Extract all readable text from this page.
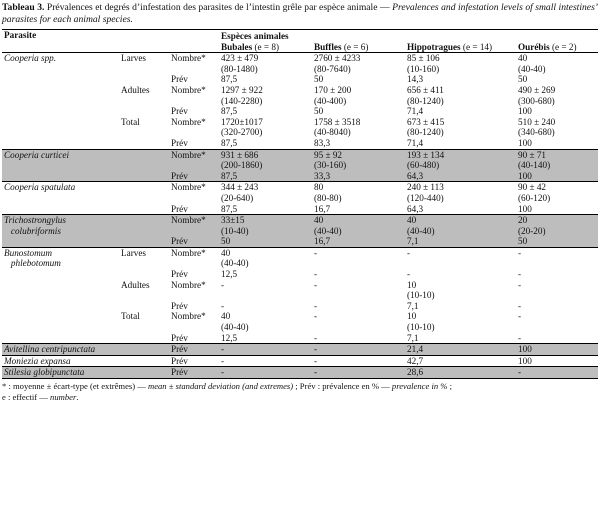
Tableau 3. Prévalences et degrés d’infestation des parasites de l’intestin grêle par espèce animale — Prevalences and infestation levels of small intestines’ parasites for each animal species.

Parasite			Espèces animales			
			Bubales (e = 8)	Buffles (e = 6)	Hippotragues (e = 14)	Ourébis (e = 2)
Cooperia spp.	Larves	Nombre*	423 ± 479	2760 ± 4233	85 ± 106	40
			(80-1480)	(80-7640)	(10-160)	(40-40)
		Prév	87,5	50	14,3	50
	Adultes	Nombre*	1297 ± 922	170 ± 200	656 ± 411	490 ± 269
			(140-2280)	(40-400)	(80-1240)	(300-680)
		Prév	87,5	50	71,4	100
	Total	Nombre*	1720±1017	1758 ± 3518	673 ± 415	510 ± 240
			(320-2700)	(40-8040)	(80-1240)	(340-680)
		Prév	87,5	83,3	71,4	100
Cooperia curticei		Nombre*	931 ± 686	95 ± 92	193 ± 134	90 ± 71
			(200-1860)	(30-160)	(60-480)	(40-140)
		Prév	87,5	33,3	64,3	100
Cooperia spatulata		Nombre*	344 ± 243	80	240 ± 113	90 ± 42
			(20-640)	(80-80)	(120-440)	(60-120)
		Prév	87,5	16,7	64,3	100
Trichostrongylus		Nombre*	33±15	40	40	20
colubriformis			(10-40)	(40-40)	(40-40)	(20-20)
		Prév	50	16,7	7,1	50
Bunostomum	Larves	Nombre*	40	-	-	-
phlebotomum			(40-40)			
		Prév	12,5	-	-	-
	Adultes	Nombre*	-	-	10	-
					(10-10)	
		Prév	-	-	7,1	-
	Total	Nombre*	40	-	10	-
			(40-40)		(10-10)	
		Prév	12,5	-	7,1	-
Avitellina centripunctata		Prév	-	-	21,4	100
Moniezia expansa		Prév	-	-	42,7	100
Stilesia globipunctata		Prév	-	-	28,6	-
* : moyenne ± écart-type (et extrêmes) — mean ± standard deviation (and extremes) ; Prév : prévalence en % — prevalence in % ;
e : effectif — number.
